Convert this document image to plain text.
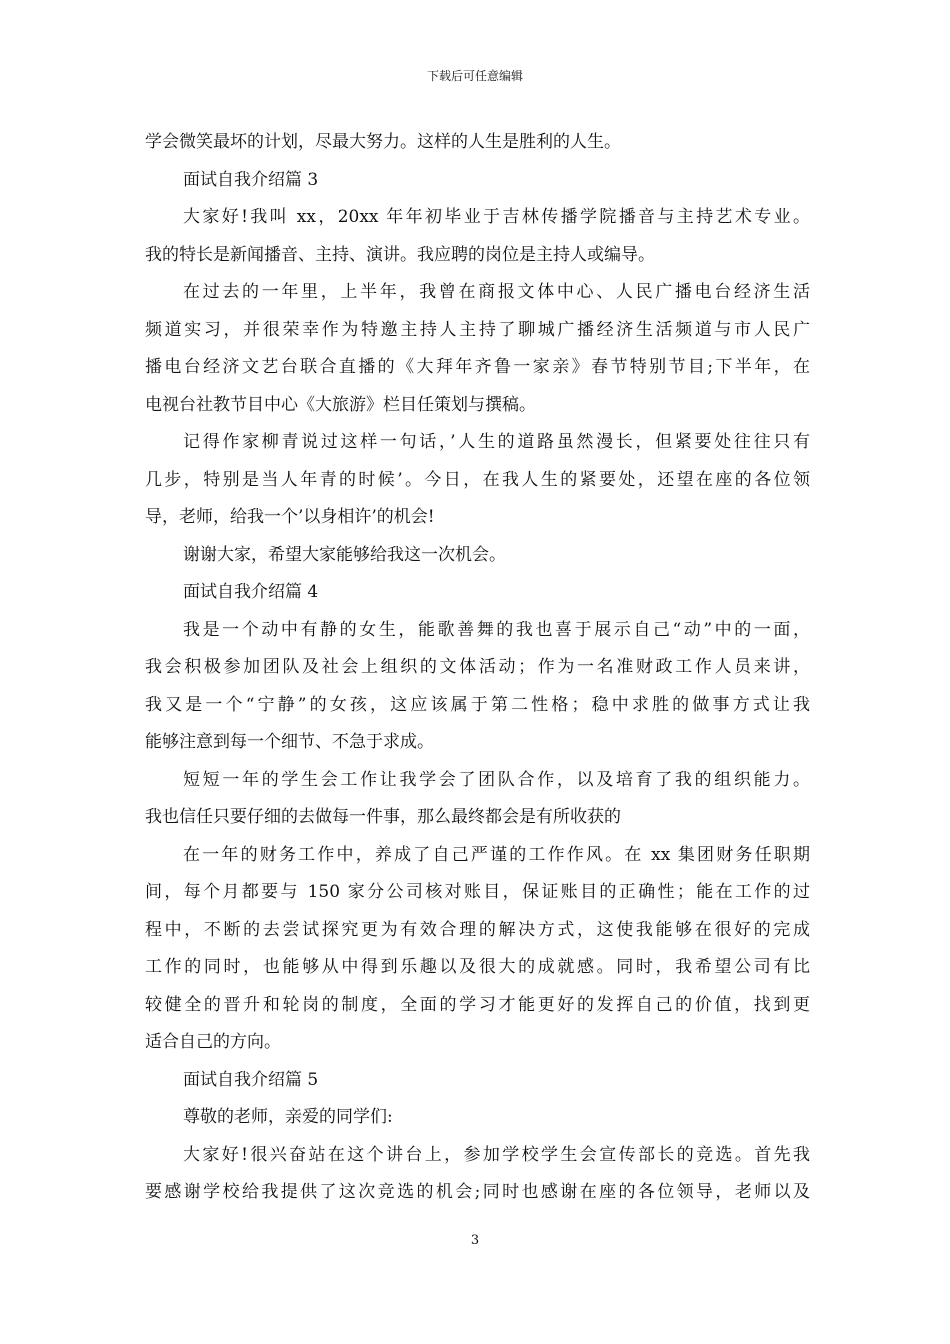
下载后可任意编辑
学会微笑最坏的计划，尽最大努力。这样的人生是胜利的人生。
面试自我介绍篇 3
大家好!我叫 xx，20xx 年年初毕业于吉林传播学院播音与主持艺术专业。
我的特长是新闻播音、主持、演讲。我应聘的岗位是主持人或编导。
在过去的一年里，上半年，我曾在商报文体中心、人民广播电台经济生活
频道实习，并很荣幸作为特邀主持人主持了聊城广播经济生活频道与市人民广
播电台经济文艺台联合直播的《大拜年齐鲁一家亲》春节特别节目;下半年，在
电视台社教节目中心《大旅游》栏目任策划与撰稿。
记得作家柳青说过这样一句话，’人生的道路虽然漫长，但紧要处往往只有
几步，特别是当人年青的时候’。今日，在我人生的紧要处，还望在座的各位领
导，老师，给我一个’以身相许’的机会!
谢谢大家，希望大家能够给我这一次机会。
面试自我介绍篇 4
我是一个动中有静的女生，能歌善舞的我也喜于展示自己“动”中的一面，
我会积极参加团队及社会上组织的文体活动；作为一名准财政工作人员来讲，
我又是一个“宁静”的女孩，这应该属于第二性格；稳中求胜的做事方式让我
能够注意到每一个细节、不急于求成。
短短一年的学生会工作让我学会了团队合作，以及培育了我的组织能力。
我也信任只要仔细的去做每一件事，那么最终都会是有所收获的
在一年的财务工作中，养成了自己严谨的工作作风。在 xx 集团财务任职期
间，每个月都要与 150 家分公司核对账目，保证账目的正确性；能在工作的过
程中，不断的去尝试探究更为有效合理的解决方式，这使我能够在很好的完成
工作的同时，也能够从中得到乐趣以及很大的成就感。同时，我希望公司有比
较健全的晋升和轮岗的制度，全面的学习才能更好的发挥自己的价值，找到更
适合自己的方向。
面试自我介绍篇 5
尊敬的老师，亲爱的同学们:
大家好!很兴奋站在这个讲台上，参加学校学生会宣传部长的竞选。首先我
要感谢学校给我提供了这次竞选的机会;同时也感谢在座的各位领导，老师以及
3
